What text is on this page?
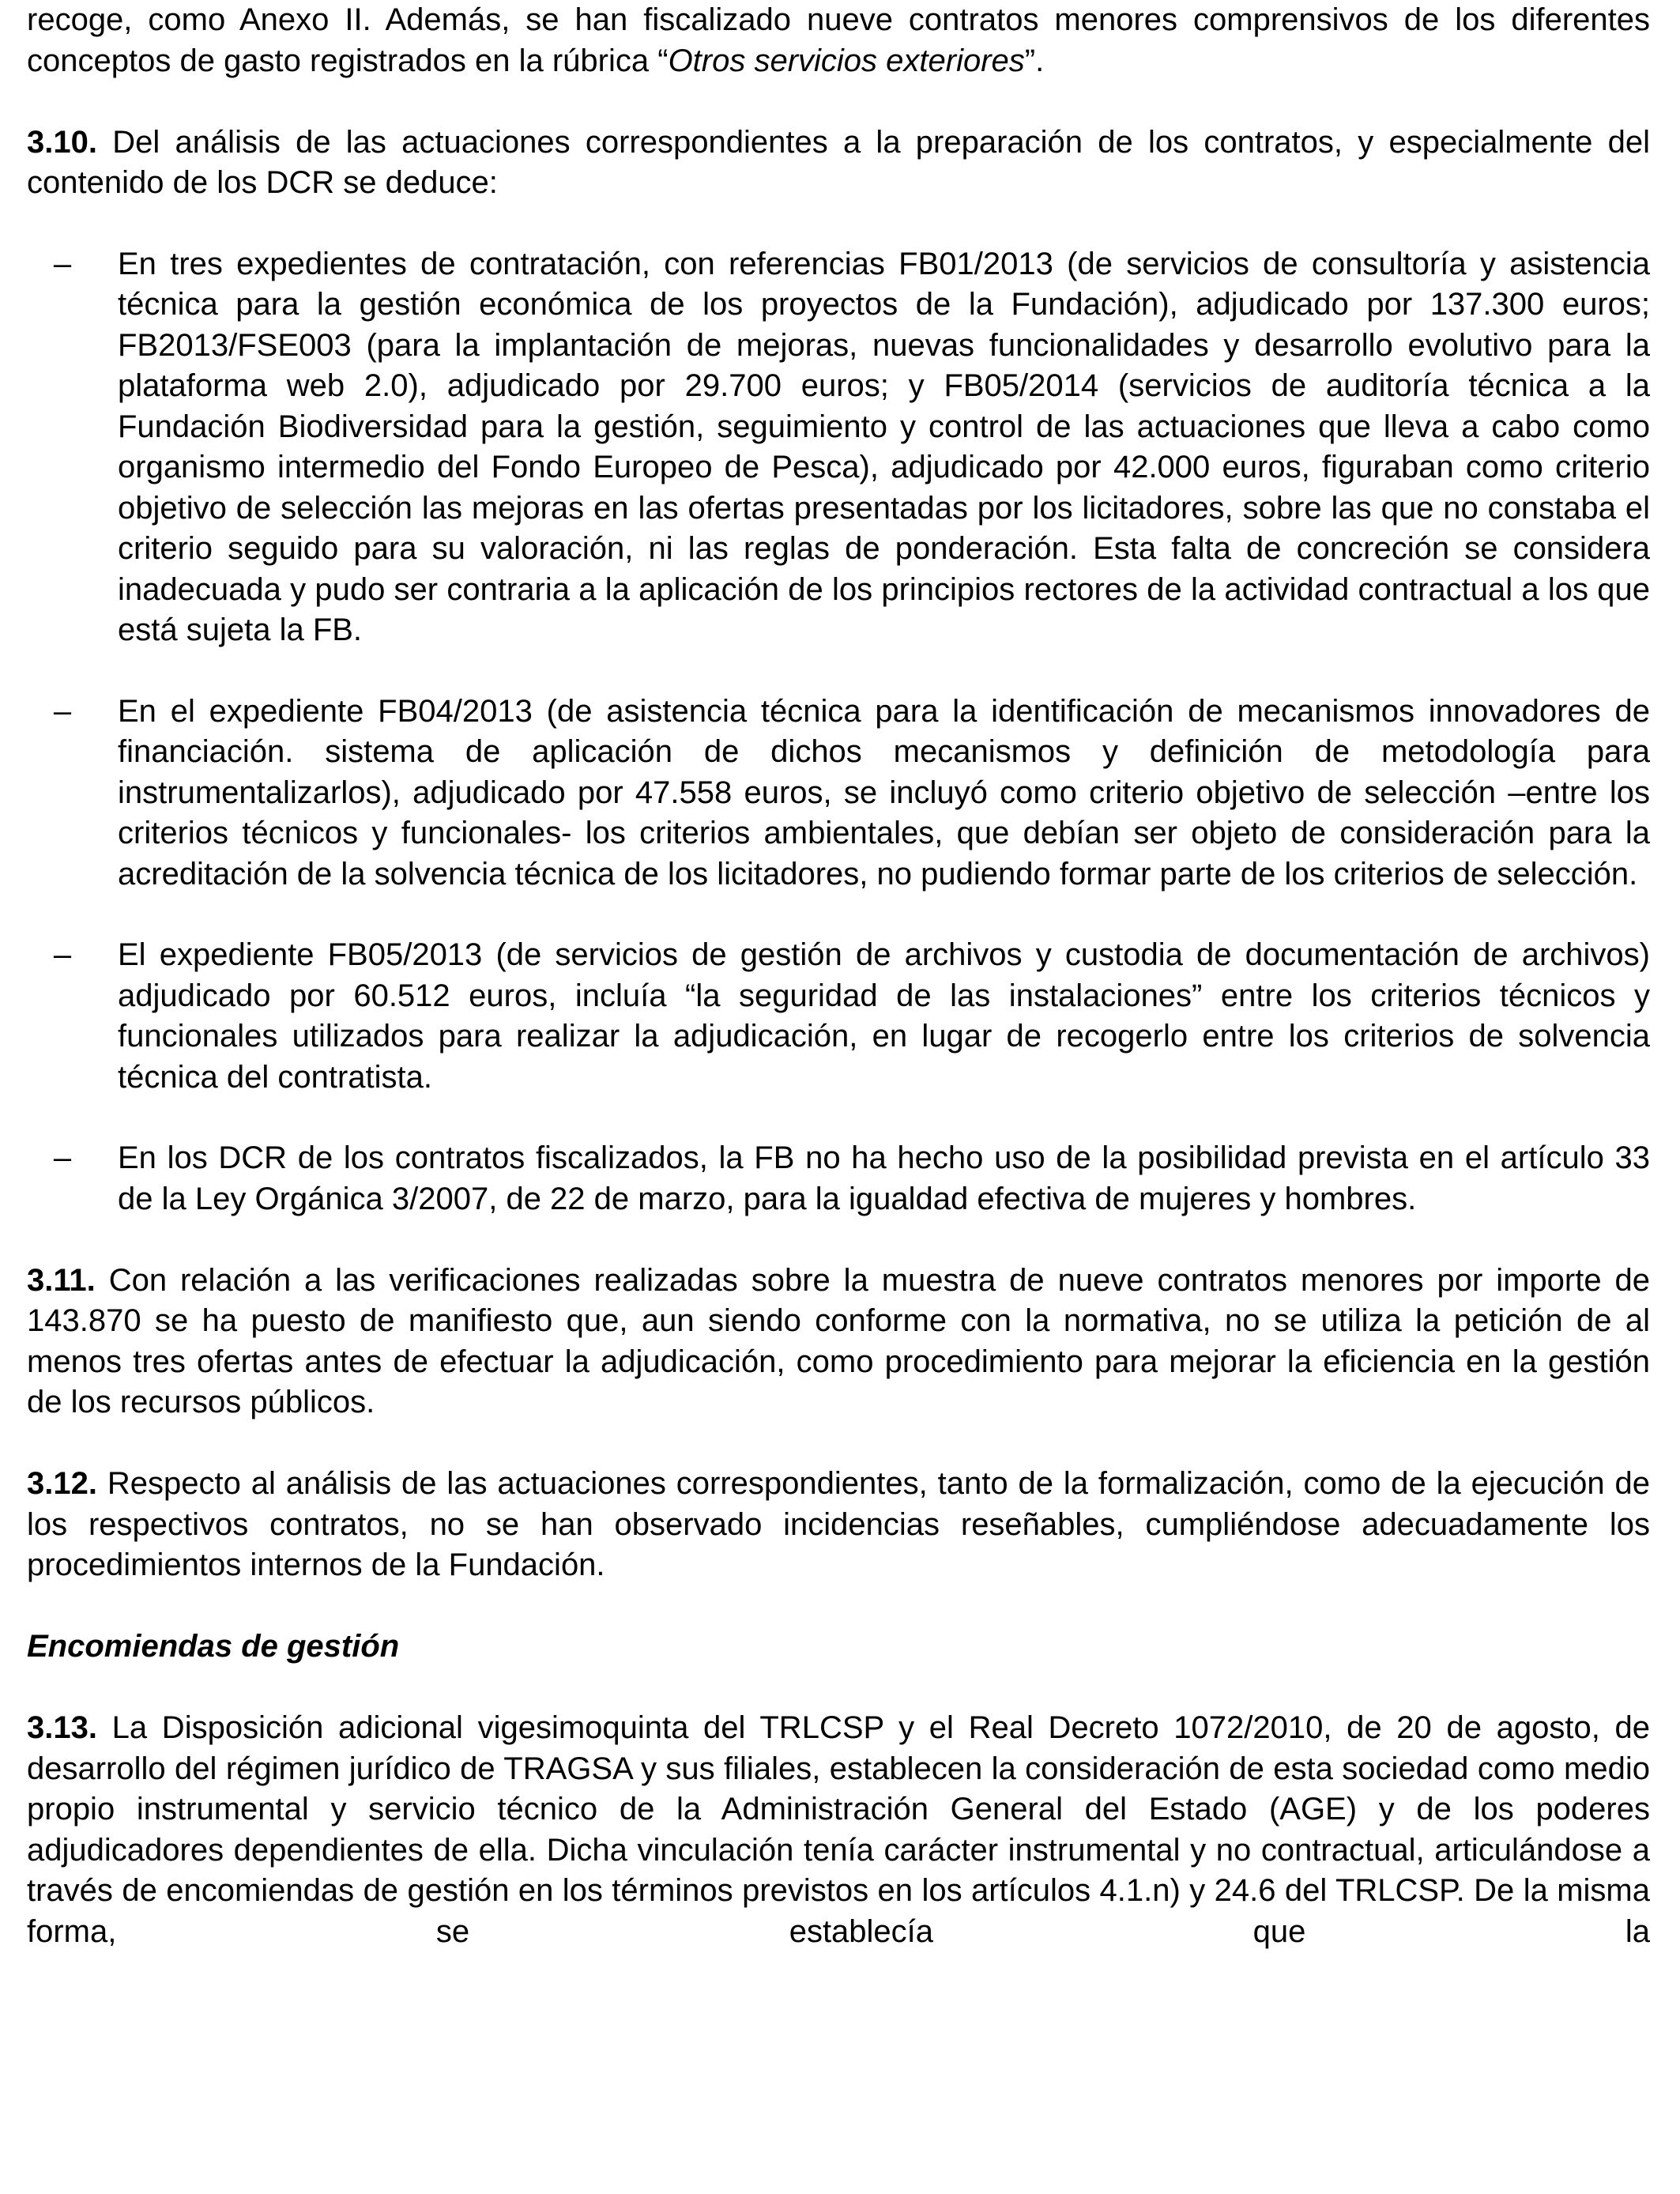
recoge, como Anexo II. Además, se han fiscalizado nueve contratos menores comprensivos de los diferentes conceptos de gasto registrados en la rúbrica “Otros servicios exteriores”.

3.10. Del análisis de las actuaciones correspondientes a la preparación de los contratos, y especialmente del contenido de los DCR se deduce:

– En tres expedientes de contratación, con referencias FB01/2013 (de servicios de consultoría y asistencia técnica para la gestión económica de los proyectos de la Fundación), adjudicado por 137.300 euros; FB2013/FSE003 (para la implantación de mejoras, nuevas funcionalidades y desarrollo evolutivo para la plataforma web 2.0), adjudicado por 29.700 euros; y FB05/2014 (servicios de auditoría técnica a la Fundación Biodiversidad para la gestión, seguimiento y control de las actuaciones que lleva a cabo como organismo intermedio del Fondo Europeo de Pesca), adjudicado por 42.000 euros, figuraban como criterio objetivo de selección las mejoras en las ofertas presentadas por los licitadores, sobre las que no constaba el criterio seguido para su valoración, ni las reglas de ponderación. Esta falta de concreción se considera inadecuada y pudo ser contraria a la aplicación de los principios rectores de la actividad contractual a los que está sujeta la FB.

– En el expediente FB04/2013 (de asistencia técnica para la identificación de mecanismos innovadores de financiación. sistema de aplicación de dichos mecanismos y definición de metodología para instrumentalizarlos), adjudicado por 47.558 euros, se incluyó como criterio objetivo de selección –entre los criterios técnicos y funcionales- los criterios ambientales, que debían ser objeto de consideración para la acreditación de la solvencia técnica de los licitadores, no pudiendo formar parte de los criterios de selección.

– El expediente FB05/2013 (de servicios de gestión de archivos y custodia de documentación de archivos) adjudicado por 60.512 euros, incluía “la seguridad de las instalaciones” entre los criterios técnicos y funcionales utilizados para realizar la adjudicación, en lugar de recogerlo entre los criterios de solvencia técnica del contratista.

– En los DCR de los contratos fiscalizados, la FB no ha hecho uso de la posibilidad prevista en el artículo 33 de la Ley Orgánica 3/2007, de 22 de marzo, para la igualdad efectiva de mujeres y hombres.

3.11. Con relación a las verificaciones realizadas sobre la muestra de nueve contratos menores por importe de 143.870 se ha puesto de manifiesto que, aun siendo conforme con la normativa, no se utiliza la petición de al menos tres ofertas antes de efectuar la adjudicación, como procedimiento para mejorar la eficiencia en la gestión de los recursos públicos.

3.12. Respecto al análisis de las actuaciones correspondientes, tanto de la formalización, como de la ejecución de los respectivos contratos, no se han observado incidencias reseñables, cumpliéndose adecuadamente los procedimientos internos de la Fundación.

Encomiendas de gestión

3.13. La Disposición adicional vigesimoquinta del TRLCSP y el Real Decreto 1072/2010, de 20 de agosto, de desarrollo del régimen jurídico de TRAGSA y sus filiales, establecen la consideración de esta sociedad como medio propio instrumental y servicio técnico de la Administración General del Estado (AGE) y de los poderes adjudicadores dependientes de ella. Dicha vinculación tenía carácter instrumental y no contractual, articulándose a través de encomiendas de gestión en los términos previstos en los artículos 4.1.n) y 24.6 del TRLCSP. De la misma forma, se establecía que la
